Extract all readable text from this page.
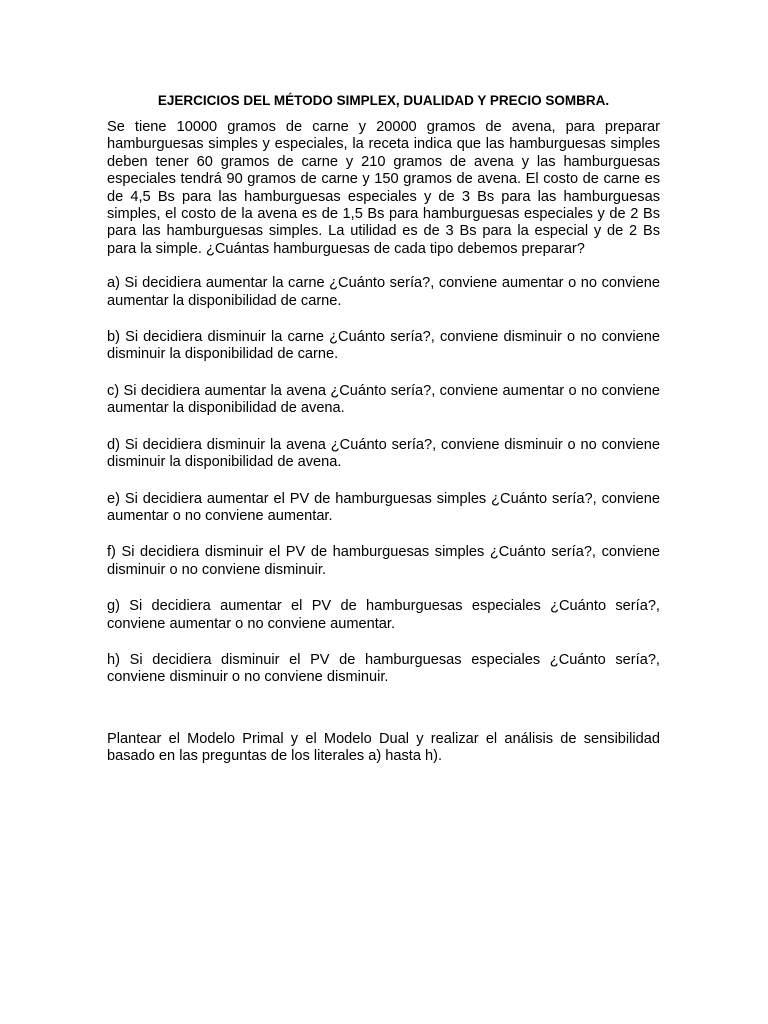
EJERCICIOS DEL MÉTODO SIMPLEX, DUALIDAD Y PRECIO SOMBRA.

Se tiene 10000 gramos de carne y 20000 gramos de avena, para preparar hamburguesas simples y especiales, la receta indica que las hamburguesas simples deben tener 60 gramos de carne y 210 gramos de avena y las hamburguesas especiales tendrá 90 gramos de carne y 150 gramos de avena. El costo de carne es de 4,5 Bs para las hamburguesas especiales y de 3 Bs para las hamburguesas simples, el costo de la avena es de 1,5 Bs para hamburguesas especiales y de 2 Bs para las hamburguesas simples. La utilidad es de 3 Bs para la especial y de 2 Bs para la simple. ¿Cuántas hamburguesas de cada tipo debemos preparar?

a) Si decidiera aumentar la carne ¿Cuánto sería?, conviene aumentar o no conviene aumentar la disponibilidad de carne.

b) Si decidiera disminuir la carne ¿Cuánto sería?, conviene disminuir o no conviene disminuir la disponibilidad de carne.

c) Si decidiera aumentar la avena ¿Cuánto sería?, conviene aumentar o no conviene aumentar la disponibilidad de avena.

d) Si decidiera disminuir la avena ¿Cuánto sería?, conviene disminuir o no conviene disminuir la disponibilidad de avena.

e) Si decidiera aumentar el PV de hamburguesas simples ¿Cuánto sería?, conviene aumentar o no conviene aumentar.

f) Si decidiera disminuir el PV de hamburguesas simples ¿Cuánto sería?, conviene disminuir o no conviene disminuir.

g) Si decidiera aumentar el PV de hamburguesas especiales ¿Cuánto sería?, conviene aumentar o no conviene aumentar.

h) Si decidiera disminuir el PV de hamburguesas especiales ¿Cuánto sería?, conviene disminuir o no conviene disminuir.

Plantear el Modelo Primal y el Modelo Dual y realizar el análisis de sensibilidad basado en las preguntas de los literales a) hasta h).
